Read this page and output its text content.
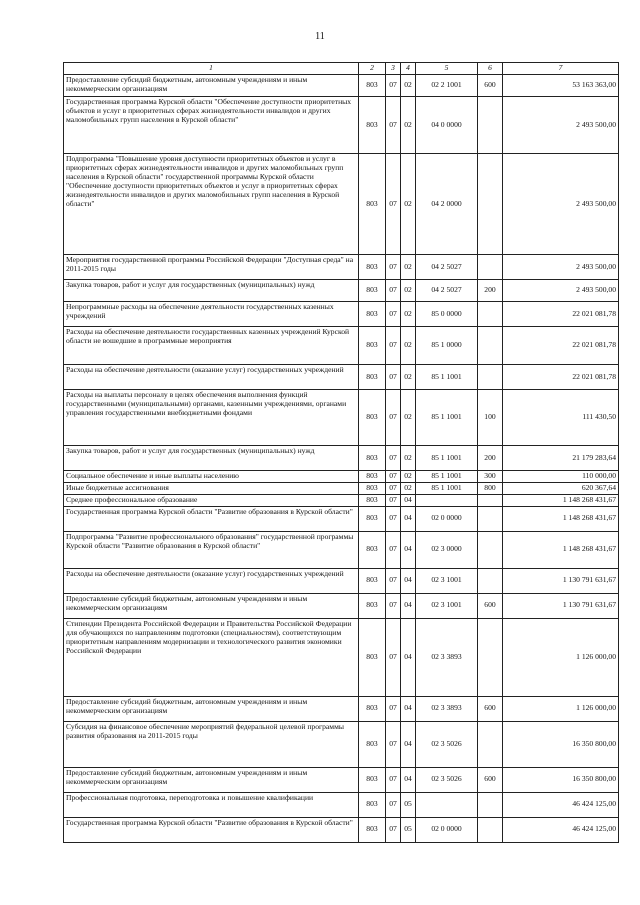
11
1	2	3	4	5	6	7
Предоставление субсидий бюджетным, автономным учреждениям и иным некоммерческим организациям	803	07	02	02 2 1001	600	53 163 363,00
Государственная программа Курской области "Обеспечение доступности приоритетных объектов и услуг в приоритетных сферах жизнедеятельности инвалидов и других маломобильных групп населения в Курской области"	803	07	02	04 0 0000		2 493 500,00
Подпрограмма "Повышение уровня доступности приоритетных объектов и услуг в приоритетных сферах жизнедеятельности инвалидов и других маломобильных групп населения в Курской области" государственной программы Курской области "Обеспечение доступности приоритетных объектов и услуг в приоритетных сферах жизнедеятельности инвалидов и других маломобильных групп населения в Курской области"	803	07	02	04 2 0000		2 493 500,00
Мероприятия государственной программы Российской Федерации "Доступная среда" на 2011-2015 годы	803	07	02	04 2 5027		2 493 500,00
Закупка товаров, работ и услуг для государственных (муниципальных) нужд	803	07	02	04 2 5027	200	2 493 500,00
Непрограммные расходы на обеспечение деятельности государственных казенных учреждений	803	07	02	85 0 0000		22 021 081,78
Расходы на обеспечение деятельности государственных казенных учреждений Курской области не вошедшие в программные мероприятия	803	07	02	85 1 0000		22 021 081,78
Расходы на обеспечение деятельности (оказание услуг) государственных учреждений	803	07	02	85 1 1001		22 021 081,78
Расходы на выплаты персоналу в целях обеспечения выполнения функций государственными (муниципальными) органами, казенными учреждениями, органами управления государственными внебюджетными фондами	803	07	02	85 1 1001	100	111 430,50
Закупка товаров, работ и услуг для государственных (муниципальных) нужд	803	07	02	85 1 1001	200	21 179 283,64
Социальное обеспечение и иные выплаты населению	803	07	02	85 1 1001	300	110 000,00
Иные бюджетные ассигнования	803	07	02	85 1 1001	800	620 367,64
Среднее профессиональное образование	803	07	04			1 148 268 431,67
Государственная программа Курской области "Развитие образования в Курской области"	803	07	04	02 0 0000		1 148 268 431,67
Подпрограмма "Развитие профессионального образования" государственной программы Курской области "Развитие образования в Курской области"	803	07	04	02 3 0000		1 148 268 431,67
Расходы на обеспечение деятельности (оказание услуг) государственных учреждений	803	07	04	02 3 1001		1 130 791 631,67
Предоставление субсидий бюджетным, автономным учреждениям и иным некоммерческим организациям	803	07	04	02 3 1001	600	1 130 791 631,67
Стипендии Президента Российской Федерации и Правительства Российской Федерации для обучающихся по направлениям подготовки (специальностям), соответствующим приоритетным направлениям модернизации и технологического развития экономики Российской Федерации	803	07	04	02 3 3893		1 126 000,00
Предоставление субсидий бюджетным, автономным учреждениям и иным некоммерческим организациям	803	07	04	02 3 3893	600	1 126 000,00
Субсидия на финансовое обеспечение мероприятий федеральной целевой программы развития образования на 2011-2015 годы	803	07	04	02 3 5026		16 350 800,00
Предоставление субсидий бюджетным, автономным учреждениям и иным некоммерческим организациям	803	07	04	02 3 5026	600	16 350 800,00
Профессиональная подготовка, переподготовка и повышение квалификации	803	07	05			46 424 125,00
Государственная программа Курской области "Развитие образования в Курской области"	803	07	05	02 0 0000		46 424 125,00
